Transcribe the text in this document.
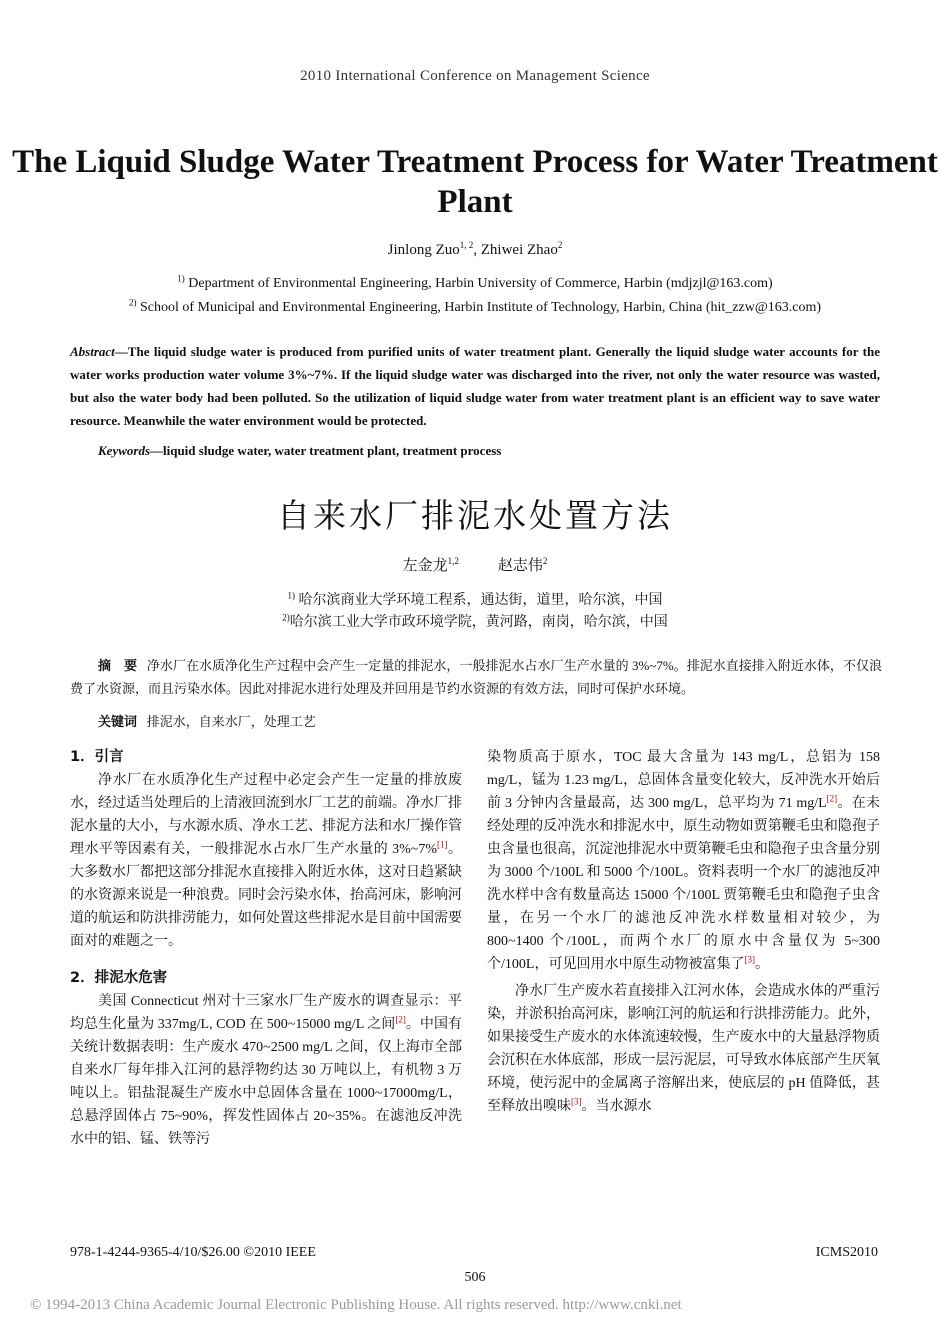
2010 International Conference on Management Science
The Liquid Sludge Water Treatment Process for Water Treatment Plant
Jinlong Zuo$^{1, 2}$, Zhiwei Zhao$^2$
$^{1)}$ Department of Environmental Engineering, Harbin University of Commerce, Harbin (mdjzjl@163.com)
$^{2)}$ School of Municipal and Environmental Engineering, Harbin Institute of Technology, Harbin, China (hit_zzw@163.com)
Abstract—The liquid sludge water is produced from purified units of water treatment plant. Generally the liquid sludge water accounts for the water works production water volume 3%~7%. If the liquid sludge water was discharged into the river, not only the water resource was wasted, but also the water body had been polluted. So the utilization of liquid sludge water from water treatment plant is an efficient way to save water resource. Meanwhile the water environment would be protected.
Keywords—liquid sludge water, water treatment plant, treatment process
自来水厂排泥水处置方法
左金龙$^{1,2}$	赵志伟$^2$
$^{1)}$ 哈尔滨商业大学环境工程系，通达街，道里，哈尔滨，中国
$^{2)}$哈尔滨工业大学市政环境学院，黄河路，南岗，哈尔滨，中国
摘　要 净水厂在水质净化生产过程中会产生一定量的排泥水，一般排泥水占水厂生产水量的 3%~7%。排泥水直接排入附近水体，不仅浪费了水资源，而且污染水体。因此对排泥水进行处理及并回用是节约水资源的有效方法，同时可保护水环境。
关键词 排泥水，自来水厂，处理工艺
1．引言

净水厂在水质净化生产过程中必定会产生一定量的排放废水，经过适当处理后的上清液回流到水厂工艺的前端。净水厂排泥水量的大小，与水源水质、净水工艺、排泥方法和水厂操作管理水平等因素有关，一般排泥水占水厂生产水量的 3%~7%[1]。大多数水厂都把这部分排泥水直接排入附近水体，这对日趋紧缺的水资源来说是一种浪费。同时会污染水体，抬高河床，影响河道的航运和防洪排涝能力，如何处置这些排泥水是目前中国需要面对的难题之一。

2．排泥水危害

美国 Connecticut 州对十三家水厂生产废水的调查显示：平均总生化量为 337mg/L, COD 在 500~15000 mg/L 之间[2]。中国有关统计数据表明：生产废水 470~2500 mg/L 之间，仅上海市全部自来水厂每年排入江河的悬浮物约达 30 万吨以上，有机物 3 万吨以上。铝盐混凝生产废水中总固体含量在 1000~17000mg/L，总悬浮固体占 75~90%，挥发性固体占 20~35%。在滤池反冲洗水中的铝、锰、铁等污

染物质高于原水，TOC 最大含量为 143 mg/L，总铝为 158 mg/L，锰为 1.23 mg/L，总固体含量变化较大，反冲洗水开始后前 3 分钟内含量最高，达 300 mg/L，总平均为 71 mg/L[2]。在未经处理的反冲洗水和排泥水中，原生动物如贾第鞭毛虫和隐孢子虫含量也很高，沉淀池排泥水中贾第鞭毛虫和隐孢子虫含量分别为 3000 个/100L 和 5000 个/100L。资料表明一个水厂的滤池反冲洗水样中含有数量高达 15000 个/100L 贾第鞭毛虫和隐孢子虫含量，在另一个水厂的滤池反冲洗水样数量相对较少，为 800~1400 个/100L，而两个水厂的原水中含量仅为 5~300 个/100L，可见回用水中原生动物被富集了[3]。

净水厂生产废水若直接排入江河水体，会造成水体的严重污染，并淤积抬高河床，影响江河的航运和行洪排涝能力。此外，如果接受生产废水的水体流速较慢，生产废水中的大量悬浮物质会沉积在水体底部，形成一层污泥层，可导致水体底部产生厌氧环境，使污泥中的金属离子溶解出来，使底层的 pH 值降低，甚至释放出嗅味[3]。当水源水

978-1-4244-9365-4/10/$26.00 ©2010 IEEE	ICMS2010
506
© 1994-2013 China Academic Journal Electronic Publishing House. All rights reserved. http://www.cnki.net
